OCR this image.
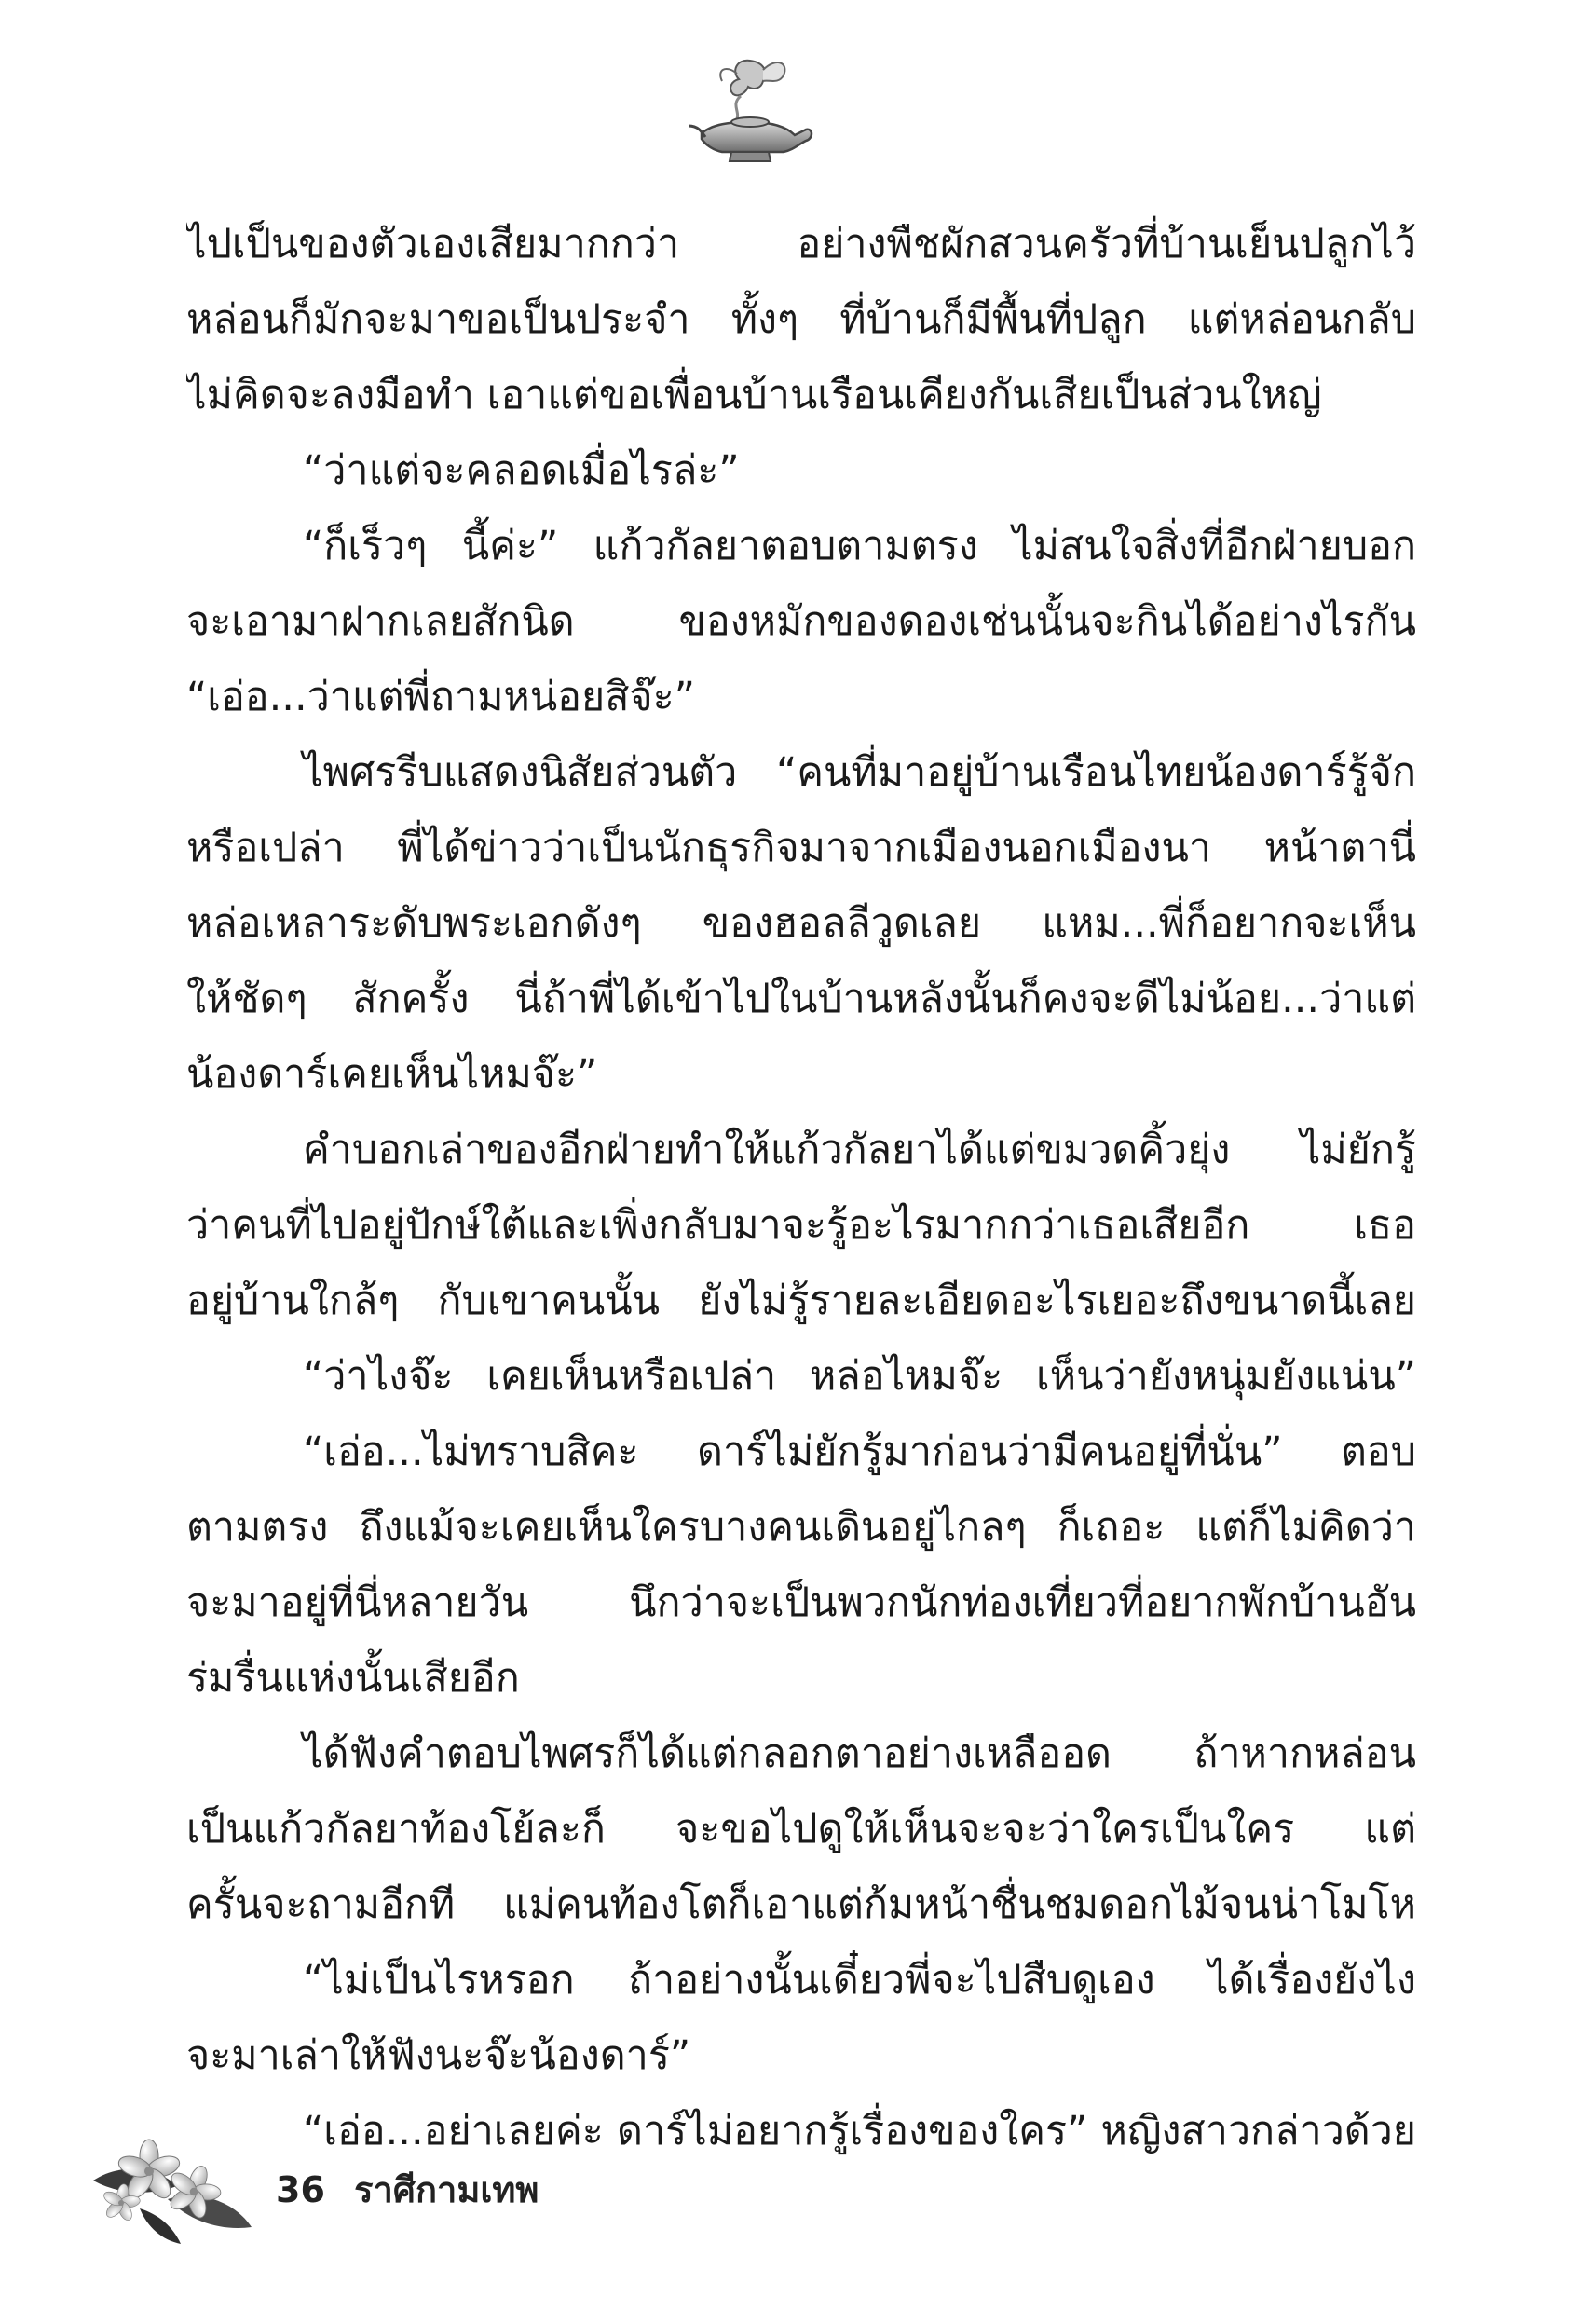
ไปเป็นของตัวเองเสียมากกว่า อย่างพืชผักสวนครัวที่บ้านเย็นปลูกไว้
หล่อนก็มักจะมาขอเป็นประจำ ทั้งๆ ที่บ้านก็มีพื้นที่ปลูก แต่หล่อนกลับ
ไม่คิดจะลงมือทำ เอาแต่ขอเพื่อนบ้านเรือนเคียงกันเสียเป็นส่วนใหญ่
“ว่าแต่จะคลอดเมื่อไรล่ะ”
“ก็เร็วๆ นี้ค่ะ” แก้วกัลยาตอบตามตรง ไม่สนใจสิ่งที่อีกฝ่ายบอก
จะเอามาฝากเลยสักนิด ของหมักของดองเช่นนั้นจะกินได้อย่างไรกัน
“เอ่อ...ว่าแต่พี่ถามหน่อยสิจ๊ะ”
ไพศรรีบแสดงนิสัยส่วนตัว “คนที่มาอยู่บ้านเรือนไทยน้องดาร์รู้จัก
หรือเปล่า พี่ได้ข่าวว่าเป็นนักธุรกิจมาจากเมืองนอกเมืองนา หน้าตานี่
หล่อเหลาระดับพระเอกดังๆ ของฮอลลีวูดเลย แหม...พี่ก็อยากจะเห็น
ให้ชัดๆ สักครั้ง นี่ถ้าพี่ได้เข้าไปในบ้านหลังนั้นก็คงจะดีไม่น้อย...ว่าแต่
น้องดาร์เคยเห็นไหมจ๊ะ”
คำบอกเล่าของอีกฝ่ายทำให้แก้วกัลยาได้แต่ขมวดคิ้วยุ่ง ไม่ยักรู้
ว่าคนที่ไปอยู่ปักษ์ใต้และเพิ่งกลับมาจะรู้อะไรมากกว่าเธอเสียอีก เธอ
อยู่บ้านใกล้ๆ กับเขาคนนั้น ยังไม่รู้รายละเอียดอะไรเยอะถึงขนาดนี้เลย
“ว่าไงจ๊ะ เคยเห็นหรือเปล่า หล่อไหมจ๊ะ เห็นว่ายังหนุ่มยังแน่น”
“เอ่อ...ไม่ทราบสิคะ ดาร์ไม่ยักรู้มาก่อนว่ามีคนอยู่ที่นั่น” ตอบ
ตามตรง ถึงแม้จะเคยเห็นใครบางคนเดินอยู่ไกลๆ ก็เถอะ แต่ก็ไม่คิดว่า
จะมาอยู่ที่นี่หลายวัน นึกว่าจะเป็นพวกนักท่องเที่ยวที่อยากพักบ้านอัน
ร่มรื่นแห่งนั้นเสียอีก
ได้ฟังคำตอบไพศรก็ได้แต่กลอกตาอย่างเหลืออด ถ้าหากหล่อน
เป็นแก้วกัลยาท้องโย้ละก็ จะขอไปดูให้เห็นจะจะว่าใครเป็นใคร แต่
ครั้นจะถามอีกที แม่คนท้องโตก็เอาแต่ก้มหน้าชื่นชมดอกไม้จนน่าโมโห
“ไม่เป็นไรหรอก ถ้าอย่างนั้นเดี๋ยวพี่จะไปสืบดูเอง ได้เรื่องยังไง
จะมาเล่าให้ฟังนะจ๊ะน้องดาร์”
“เอ่อ...อย่าเลยค่ะ ดาร์ไม่อยากรู้เรื่องของใคร” หญิงสาวกล่าวด้วย
36 ราศีกามเทพ
